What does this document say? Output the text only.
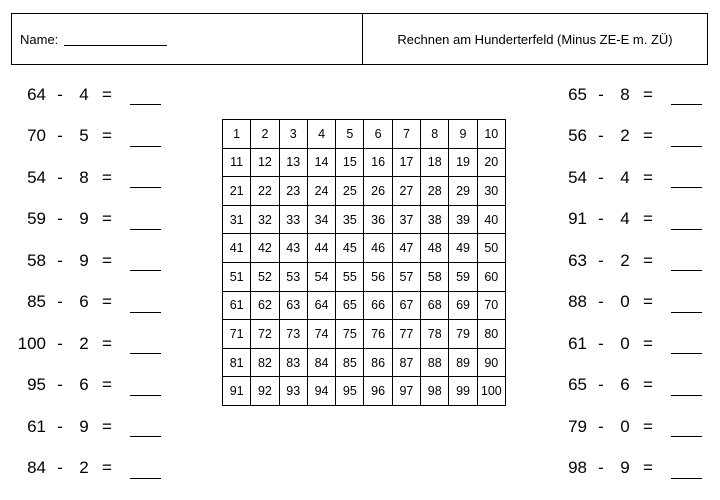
Name:	Rechnen am Hunderterfeld (Minus ZE-E m. ZÜ)
64 - 4 =
70 - 5 =
54 - 8 =
59 - 9 =
58 - 9 =
85 - 6 =
100 - 2 =
95 - 6 =
61 - 9 =
84 - 2 =
65 - 8 =
56 - 2 =
54 - 4 =
91 - 4 =
63 - 2 =
88 - 0 =
61 - 0 =
65 - 6 =
79 - 0 =
98 - 9 =
1	2	3	4	5	6	7	8	9	10
11	12	13	14	15	16	17	18	19	20
21	22	23	24	25	26	27	28	29	30
31	32	33	34	35	36	37	38	39	40
41	42	43	44	45	46	47	48	49	50
51	52	53	54	55	56	57	58	59	60
61	62	63	64	65	66	67	68	69	70
71	72	73	74	75	76	77	78	79	80
81	82	83	84	85	86	87	88	89	90
91	92	93	94	95	96	97	98	99	100
